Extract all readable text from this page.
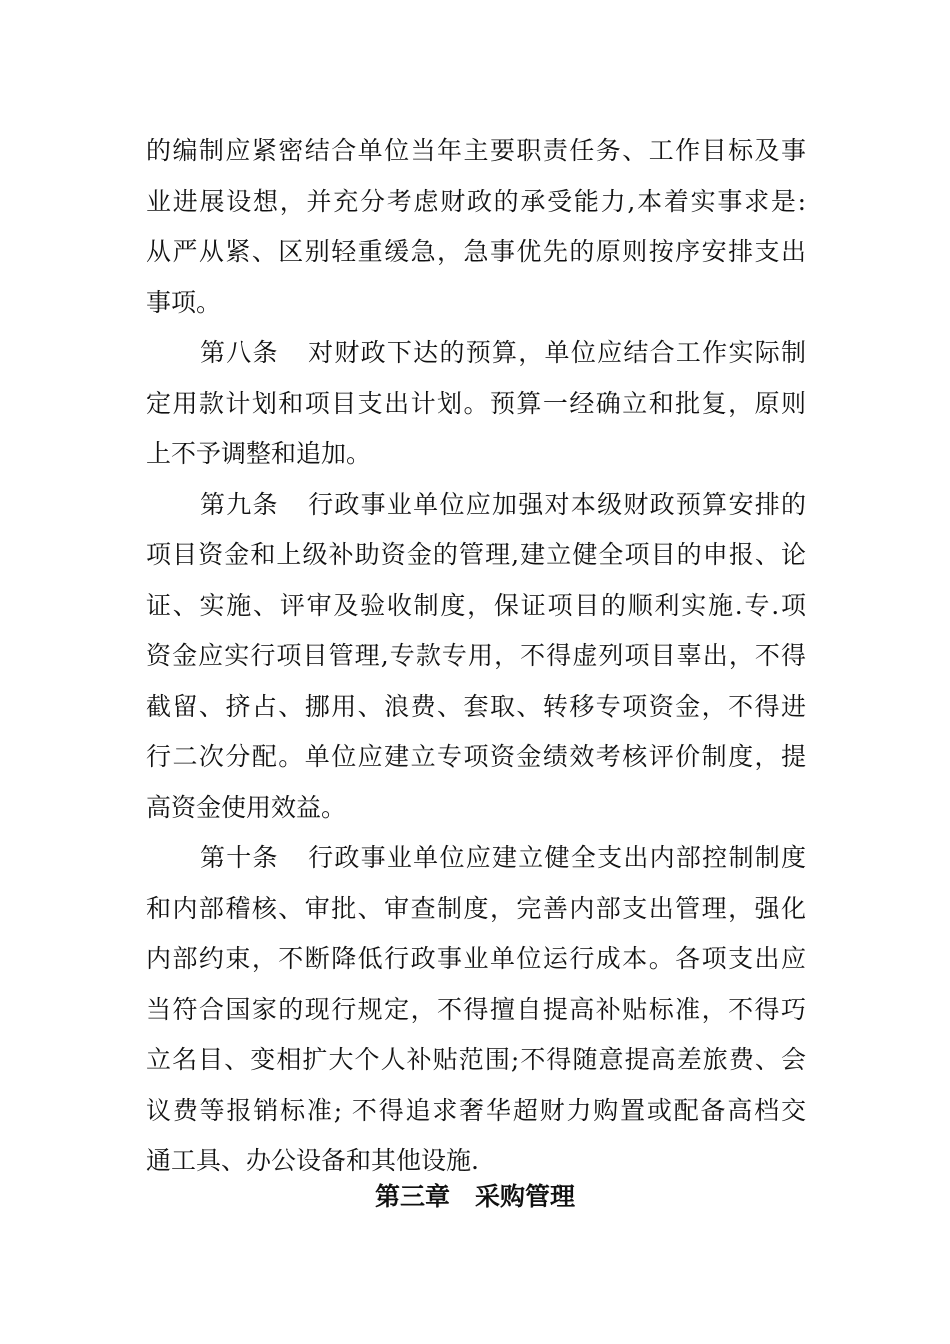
的编制应紧密结合单位当年主要职责任务、工作目标及事
业进展设想，并充分考虑财政的承受能力,本着实事求是:
从严从紧、区别轻重缓急，急事优先的原则按序安排支出
事项。
第八条 对财政下达的预算，单位应结合工作实际制
定用款计划和项目支出计划。预算一经确立和批复，原则
上不予调整和追加。
第九条 行政事业单位应加强对本级财政预算安排的
项目资金和上级补助资金的管理,建立健全项目的申报、论
证、实施、评审及验收制度，保证项目的顺利实施.专.项
资金应实行项目管理,专款专用，不得虚列项目辜出，不得
截留、挤占、挪用、浪费、套取、转移专项资金，不得进
行二次分配。单位应建立专项资金绩效考核评价制度，提
高资金使用效益。
第十条 行政事业单位应建立健全支出内部控制制度
和内部稽核、审批、审查制度，完善内部支出管理，强化
内部约束，不断降低行政事业单位运行成本。各项支出应
当符合国家的现行规定，不得擅自提高补贴标准，不得巧
立名目、变相扩大个人补贴范围;不得随意提高差旅费、会
议费等报销标准; 不得追求奢华超财力购置或配备高档交
通工具、办公设备和其他设施.
第三章　采购管理
